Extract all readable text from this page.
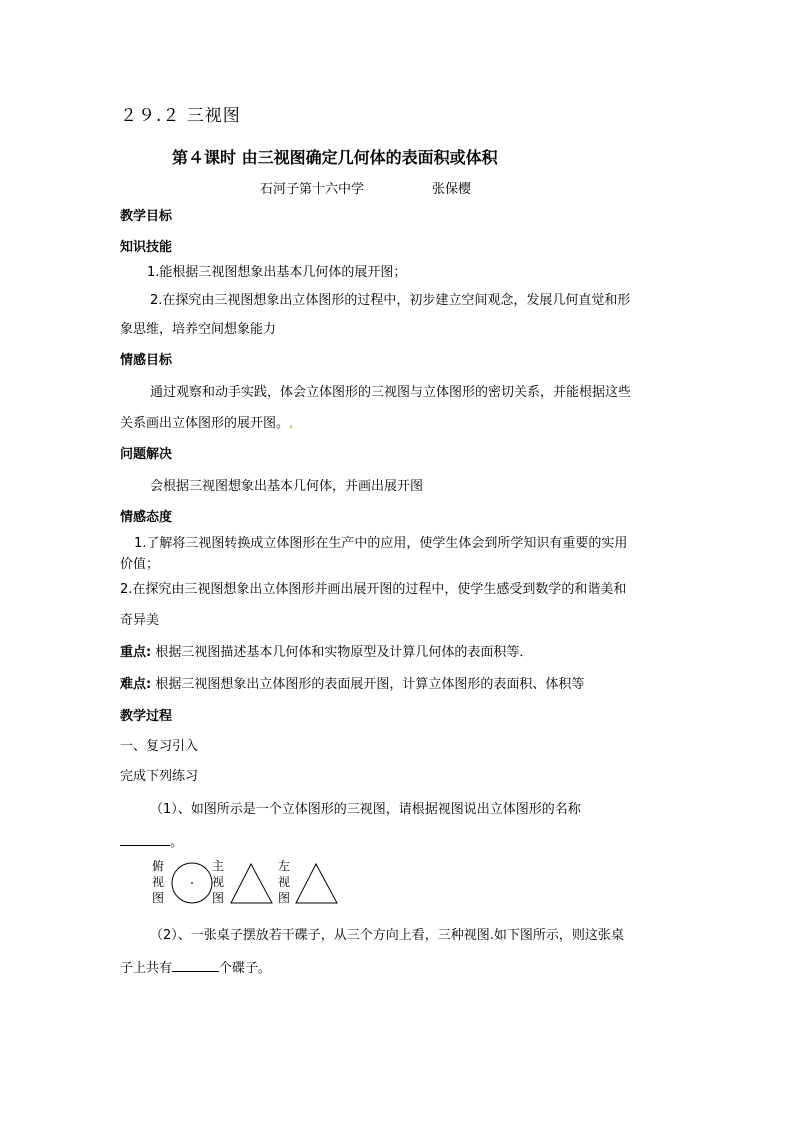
２９.２ 三视图
第４课时 由三视图确定几何体的表面积或体积
石河子第十六中学	张保樱
教学目标
知识技能
1.能根据三视图想象出基本几何体的展开图；
2.在探究由三视图想象出立体图形的过程中，初步建立空间观念，发展几何直觉和形
象思维，培养空间想象能力
情感目标
通过观察和动手实践，体会立体图形的三视图与立体图形的密切关系，并能根据这些
关系画出立体图形的展开图。,
问题解决
会根据三视图想象出基本几何体，并画出展开图
情感态度
1.了解将三视图转换成立体图形在生产中的应用，使学生体会到所学知识有重要的实用
价值；
2.在探究由三视图想象出立体图形并画出展开图的过程中，使学生感受到数学的和谐美和
奇异美
重点: 根据三视图描述基本几何体和实物原型及计算几何体的表面积等．
难点: 根据三视图想象出立体图形的表面展开图，计算立体图形的表面积、体积等
教学过程
一、复习引入
完成下列练习
（1）、如图所示是一个立体图形的三视图，请根据视图说出立体图形的名称
。
俯
视
图
主
视
图
左
视
图
（2）、一张桌子摆放若干碟子，从三个方向上看，三种视图.如下图所示，则这张桌
子上共有	个碟子。
